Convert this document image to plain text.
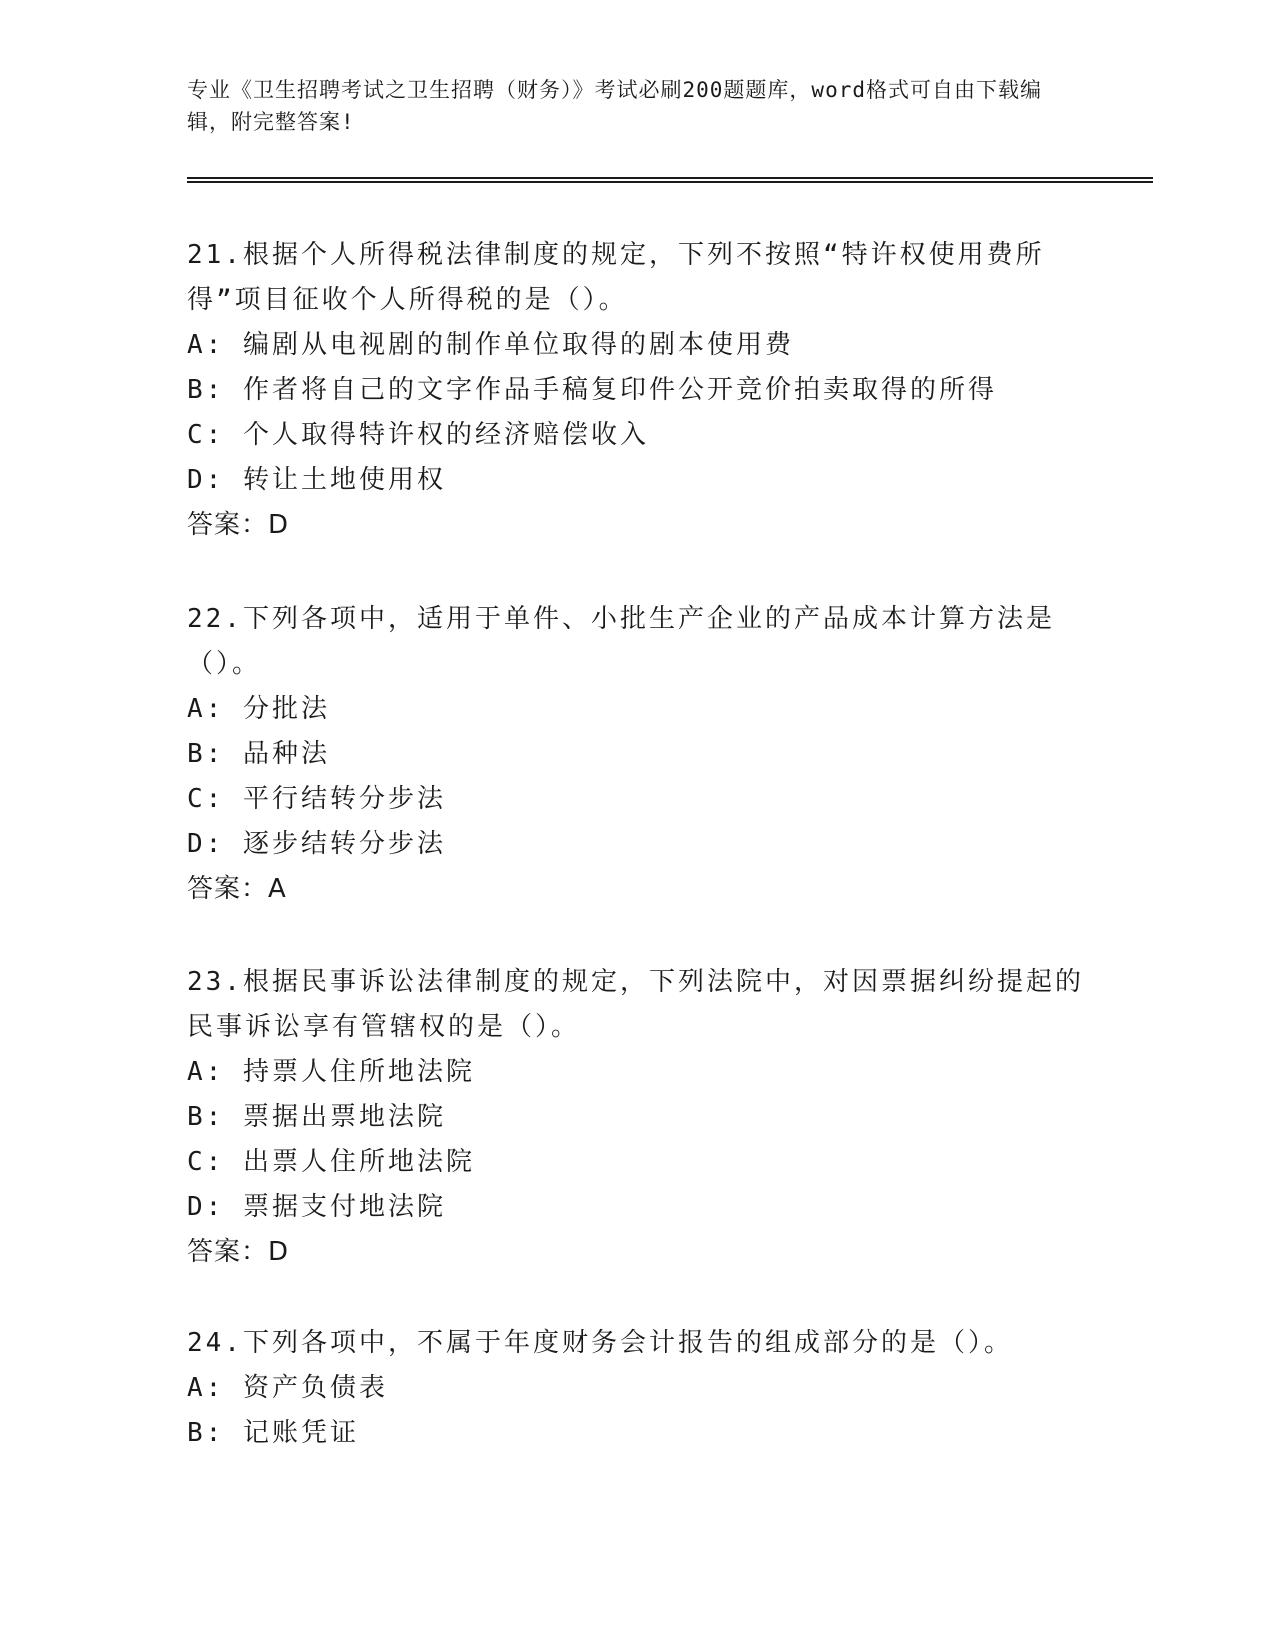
专业《卫生招聘考试之卫生招聘（财务）》考试必刷200题题库，word格式可自由下载编辑，附完整答案!
21.根据个人所得税法律制度的规定，下列不按照“特许权使用费所得”项目征收个人所得税的是（）。
A: 编剧从电视剧的制作单位取得的剧本使用费
B: 作者将自己的文字作品手稿复印件公开竞价拍卖取得的所得
C: 个人取得特许权的经济赔偿收入
D: 转让土地使用权
答案：D
22.下列各项中，适用于单件、小批生产企业的产品成本计算方法是（）。
A: 分批法
B: 品种法
C: 平行结转分步法
D: 逐步结转分步法
答案：A
23.根据民事诉讼法律制度的规定，下列法院中，对因票据纠纷提起的民事诉讼享有管辖权的是（）。
A: 持票人住所地法院
B: 票据出票地法院
C: 出票人住所地法院
D: 票据支付地法院
答案：D
24.下列各项中，不属于年度财务会计报告的组成部分的是（）。
A: 资产负债表
B: 记账凭证
